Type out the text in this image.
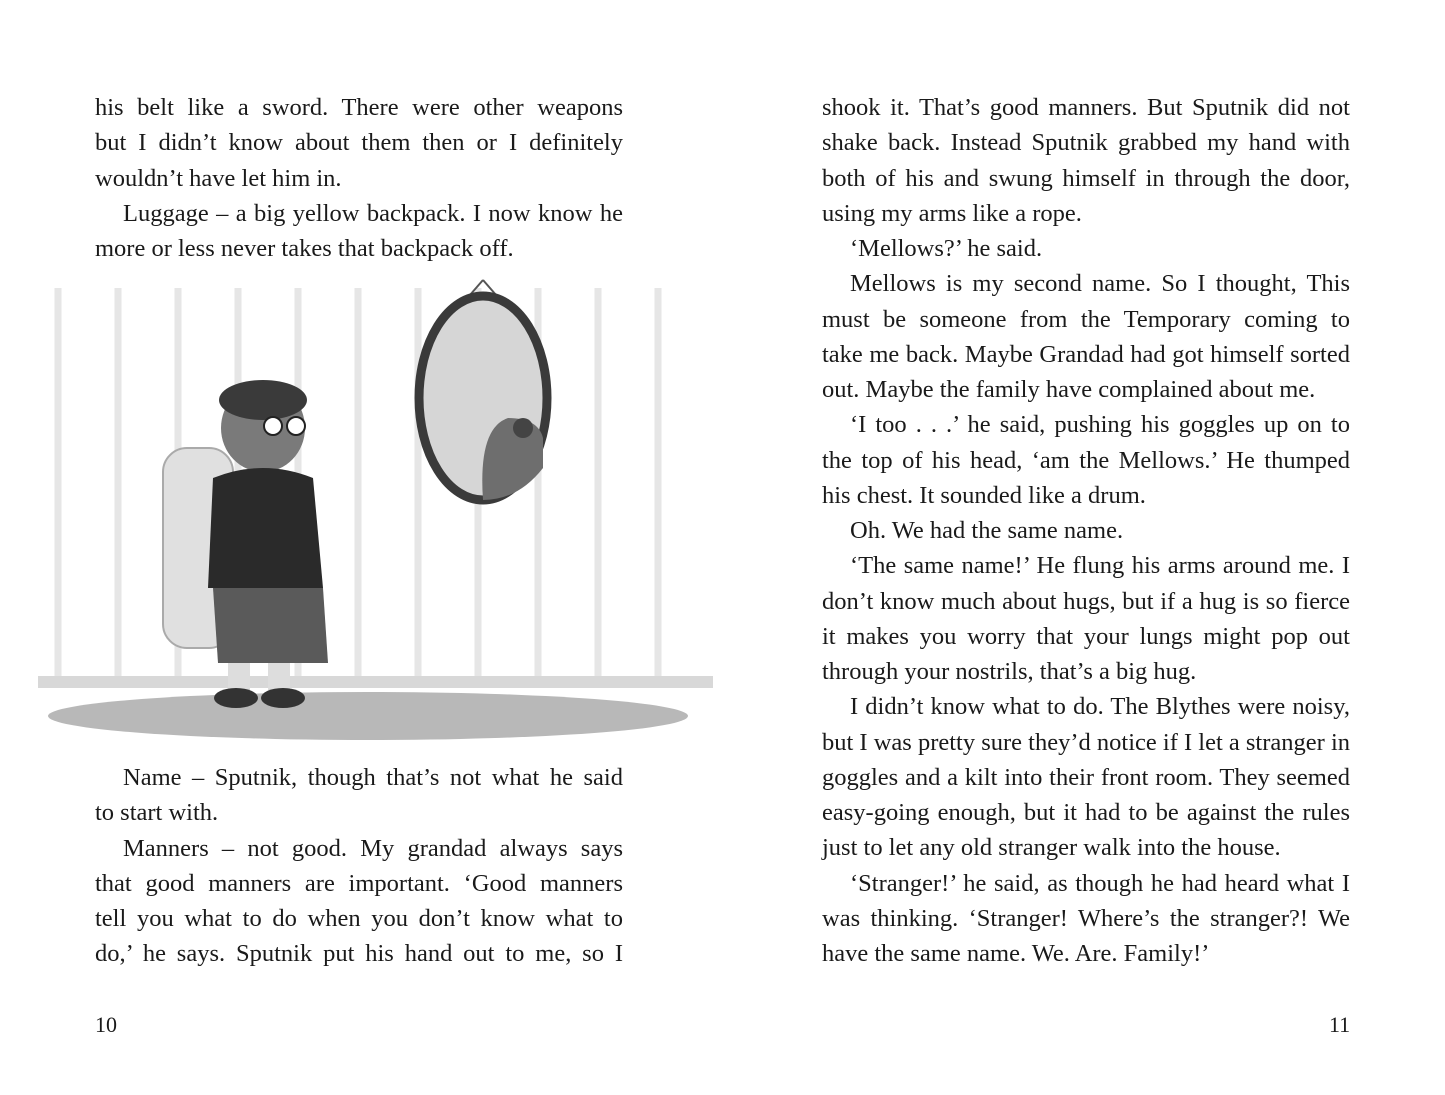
his belt like a sword. There were other weapons
but I didn’t know about them then or I definitely
wouldn’t have let him in.
Luggage – a big yellow backpack. I now know he
more or less never takes that backpack off.
Name – Sputnik, though that’s not what he said
to start with.
Manners – not good. My grandad always says
that good manners are important. ‘Good manners
tell you what to do when you don’t know what to
do,’ he says. Sputnik put his hand out to me, so I
10
shook it. That’s good manners. But Sputnik did not
shake back. Instead Sputnik grabbed my hand with
both of his and swung himself in through the door,
using my arms like a rope.
‘Mellows?’ he said.
Mellows is my second name. So I thought, This
must be someone from the Temporary coming to
take me back. Maybe Grandad had got himself sorted
out. Maybe the family have complained about me.
‘I too . . .’ he said, pushing his goggles up on to
the top of his head, ‘am the Mellows.’ He thumped
his chest. It sounded like a drum.
Oh. We had the same name.
‘The same name!’ He flung his arms around me. I
don’t know much about hugs, but if a hug is so fierce
it makes you worry that your lungs might pop out
through your nostrils, that’s a big hug.
I didn’t know what to do. The Blythes were noisy,
but I was pretty sure they’d notice if I let a stranger in
goggles and a kilt into their front room. They seemed
easy-going enough, but it had to be against the rules
just to let any old stranger walk into the house.
‘Stranger!’ he said, as though he had heard what I
was thinking. ‘Stranger! Where’s the stranger?! We
have the same name. We. Are. Family!’
11
